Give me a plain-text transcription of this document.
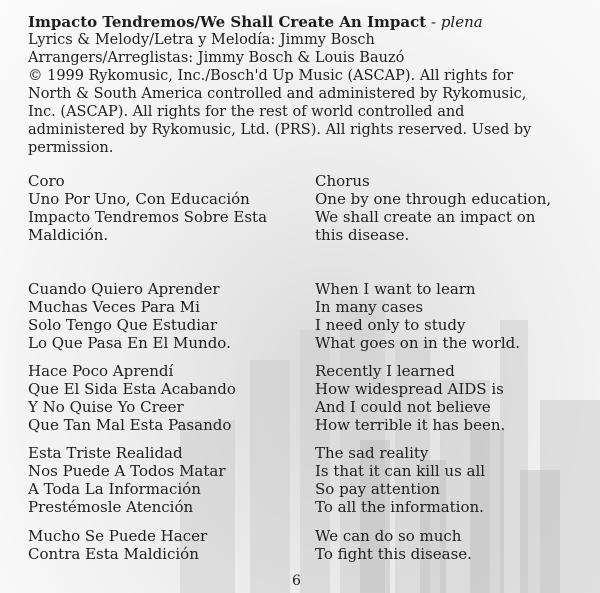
Impacto Tendremos/We Shall Create An Impact - plena
Lyrics & Melody/Letra y Melodía: Jimmy Bosch
Arrangers/Arreglistas: Jimmy Bosch & Louis Bauzó
© 1999 Rykomusic, Inc./Bosch'd Up Music (ASCAP). All rights for
North & South America controlled and administered by Rykomusic,
Inc. (ASCAP). All rights for the rest of world controlled and
administered by Rykomusic, Ltd. (PRS). All rights reserved. Used by
permission.
Coro
Uno Por Uno, Con Educación
Impacto Tendremos Sobre Esta
Maldición.
Cuando Quiero Aprender
Muchas Veces Para Mi
Solo Tengo Que Estudiar
Lo Que Pasa En El Mundo.
Hace Poco Aprendí
Que El Sida Esta Acabando
Y No Quise Yo Creer
Que Tan Mal Esta Pasando
Esta Triste Realidad
Nos Puede A Todos Matar
A Toda La Información
Prestémosle Atención
Mucho Se Puede Hacer
Contra Esta Maldición
Chorus
One by one through education,
We shall create an impact on
this disease.
When I want to learn
In many cases
I need only to study
What goes on in the world.
Recently I learned
How widespread AIDS is
And I could not believe
How terrible it has been.
The sad reality
Is that it can kill us all
So pay attention
To all the information.
We can do so much
To fight this disease.
6
